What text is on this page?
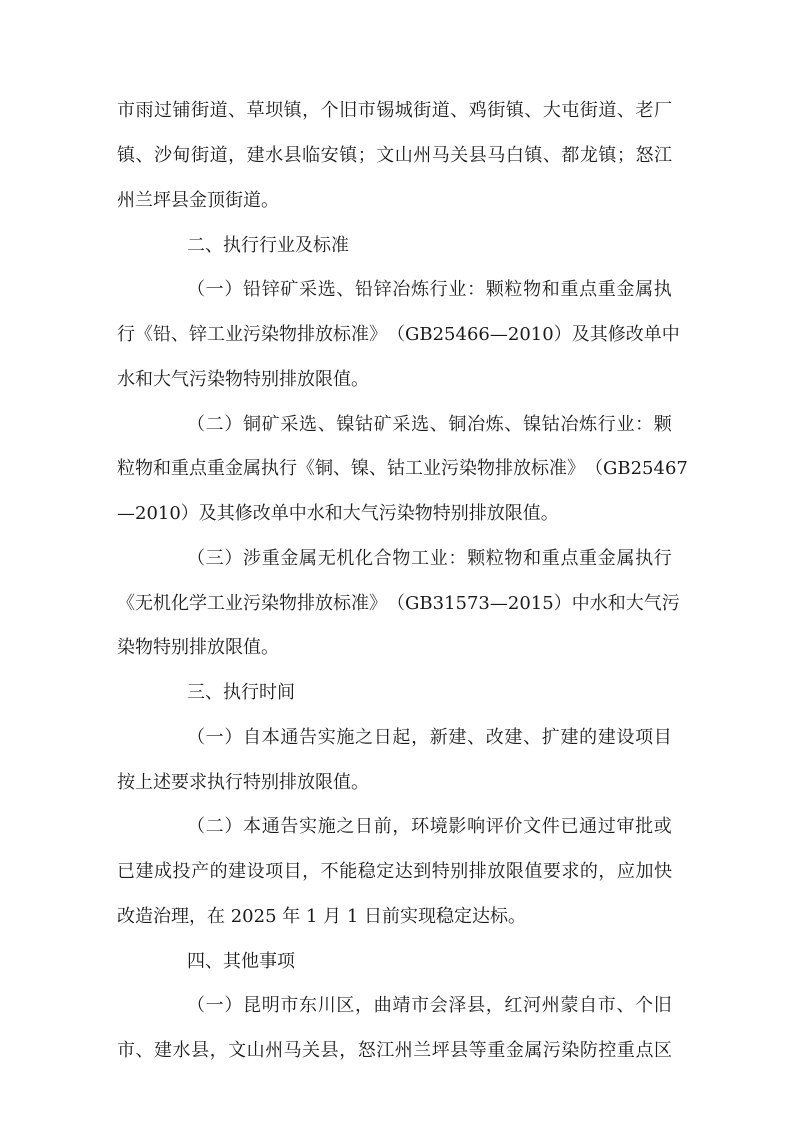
市 雨 过 铺 街 道 、 草 坝 镇 ， 个 旧 市 锡 城 街 道 、 鸡 街 镇 、 大 屯 街 道 、 老 厂
镇 、 沙 甸 街 道 ， 建 水 县 临 安 镇 ； 文 山 州 马 关 县 马 白 镇 、 都 龙 镇 ； 怒 江
州兰坪县金顶街道。
二、执行行业及标准
（ 一 ） 铅 锌 矿 采 选 、 铅 锌 冶 炼 行 业 ： 颗 粒 物 和 重 点 重 金 属 执
行 《 铅 、 锌 工 业 污 染 物 排 放 标 准 》 （ GB25466 — 2010 ） 及 其 修 改 单 中
水和大气污染物特别排放限值。
（ 二 ） 铜 矿 采 选 、 镍 钴 矿 采 选 、 铜 冶 炼 、 镍 钴 冶 炼 行 业 ： 颗
粒 物 和 重 点 重 金 属 执 行 《 铜 、 镍 、 钴 工 业 污 染 物 排 放 标 准 》 （ GB25467
—2010）及其修改单中水和大气污染物特别排放限值。
（ 三 ） 涉 重 金 属 无 机 化 合 物 工 业 ： 颗 粒 物 和 重 点 重 金 属 执 行
《 无 机 化 学 工 业 污 染 物 排 放 标 准 》 （ GB31573 — 2015 ） 中 水 和 大 气 污
染物特别排放限值。
三、执行时间
（ 一 ） 自 本 通 告 实 施 之 日 起 ， 新 建 、 改 建 、 扩 建 的 建 设 项 目
按上述要求执行特别排放限值。
（ 二 ） 本 通 告 实 施 之 日 前 ， 环 境 影 响 评 价 文 件 已 通 过 审 批 或
已 建 成 投 产 的 建 设 项 目 ， 不 能 稳 定 达 到 特 别 排 放 限 值 要 求 的 ， 应 加 快
改造治理，在 2025 年 1 月 1 日前实现稳定达标。
四、其他事项
（ 一 ） 昆 明 市 东 川 区 ， 曲 靖 市 会 泽 县 ， 红 河 州 蒙 自 市 、 个 旧
市 、 建 水 县 ， 文 山 州 马 关 县 ， 怒 江 州 兰 坪 县 等 重 金 属 污 染 防 控 重 点 区
